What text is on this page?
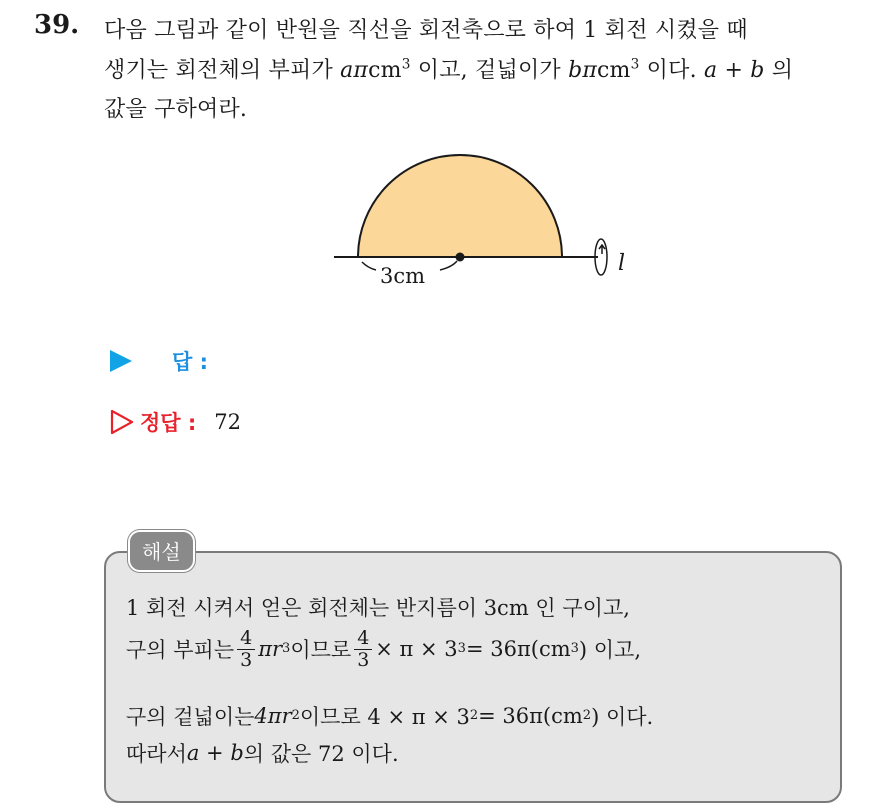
39. 다음 그림과 같이 반원을 직선을 회전축으로 하여 1 회전 시켰을 때
생기는 회전체의 부피가 aπcm$^3$ 이고, 겉넓이가 bπcm$^3$ 이다. a + b 의
값을 구하여라.
3cm	l
답 :
정답 : 72
해설
1 회전 시켜서 얻은 회전체는 반지름이 3cm 인 구이고,
구의 부피는 $\frac{4}{3}$ πr 3 이므로 $\frac{4}{3} \times \pi \times 3$ 3 = 36π(cm 3 ) 이고,
구의 겉넓이는 4πr 2 이므로 4 × π × 3 2 = 36π(cm 2 ) 이다.
따라서 a + b 의 값은 72 이다.
